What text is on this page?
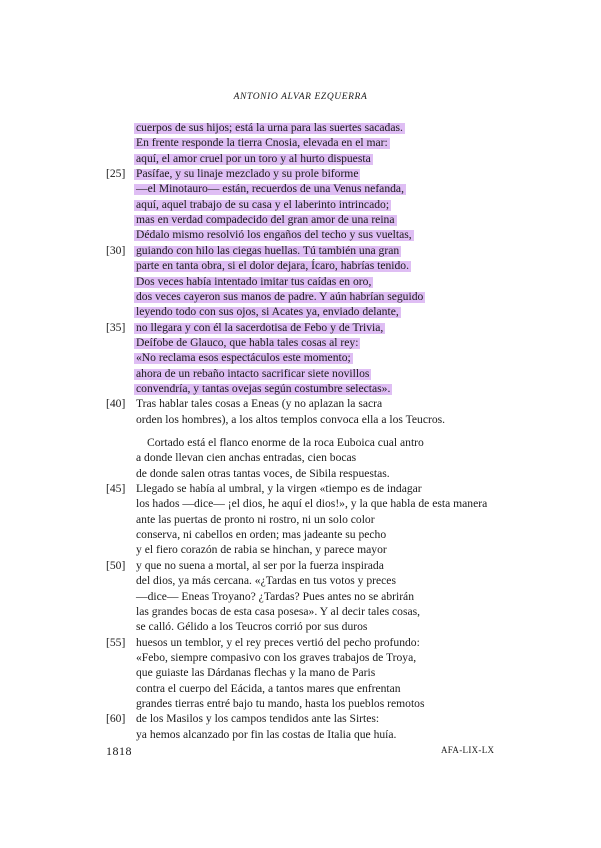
ANTONIO ALVAR EZQUERRA
cuerpos de sus hijos; está la urna para las suertes sacadas.
En frente responde la tierra Cnosia, elevada en el mar:
aquí, el amor cruel por un toro y al hurto dispuesta
Pasífae, y su linaje mezclado y su prole biforme
[25]
—el Minotauro— están, recuerdos de una Venus nefanda,
aquí, aquel trabajo de su casa y el laberinto intrincado;
mas en verdad compadecido del gran amor de una reina
Dédalo mismo resolvió los engaños del techo y sus vueltas,
guiando con hilo las ciegas huellas. Tú también una gran
[30]
parte en tanta obra, si el dolor dejara, Ícaro, habrías tenido.
Dos veces había intentado imitar tus caídas en oro,
dos veces cayeron sus manos de padre. Y aún habrían seguido
leyendo todo con sus ojos, si Acates ya, enviado delante,
no llegara y con él la sacerdotisa de Febo y de Trivia,
[35]
Deífobe de Glauco, que habla tales cosas al rey:
«No reclama esos espectáculos este momento;
ahora de un rebaño intacto sacrificar siete novillos
convendría, y tantas ovejas según costumbre selectas».
Tras hablar tales cosas a Eneas (y no aplazan la sacra
[40]
orden los hombres), a los altos templos convoca ella a los Teucros.
Cortado está el flanco enorme de la roca Euboica cual antro
a donde llevan cien anchas entradas, cien bocas
de donde salen otras tantas voces, de Sibila respuestas.
Llegado se había al umbral, y la virgen «tiempo es de indagar
[45]
los hados —dice— ¡el dios, he aquí el dios!», y la que habla de esta manera
ante las puertas de pronto ni rostro, ni un solo color
conserva, ni cabellos en orden; mas jadeante su pecho
y el fiero corazón de rabia se hinchan, y parece mayor
y que no suena a mortal, al ser por la fuerza inspirada
[50]
del dios, ya más cercana. «¿Tardas en tus votos y preces
—dice— Eneas Troyano? ¿Tardas? Pues antes no se abrirán
las grandes bocas de esta casa posesa». Y al decir tales cosas,
se calló. Gélido a los Teucros corrió por sus duros
huesos un temblor, y el rey preces vertió del pecho profundo:
[55]
«Febo, siempre compasivo con los graves trabajos de Troya,
que guiaste las Dárdanas flechas y la mano de Paris
contra el cuerpo del Eácida, a tantos mares que enfrentan
grandes tierras entré bajo tu mando, hasta los pueblos remotos
de los Masilos y los campos tendidos ante las Sirtes:
[60]
ya hemos alcanzado por fin las costas de Italia que huía.
1818	AFA-LIX-LX
